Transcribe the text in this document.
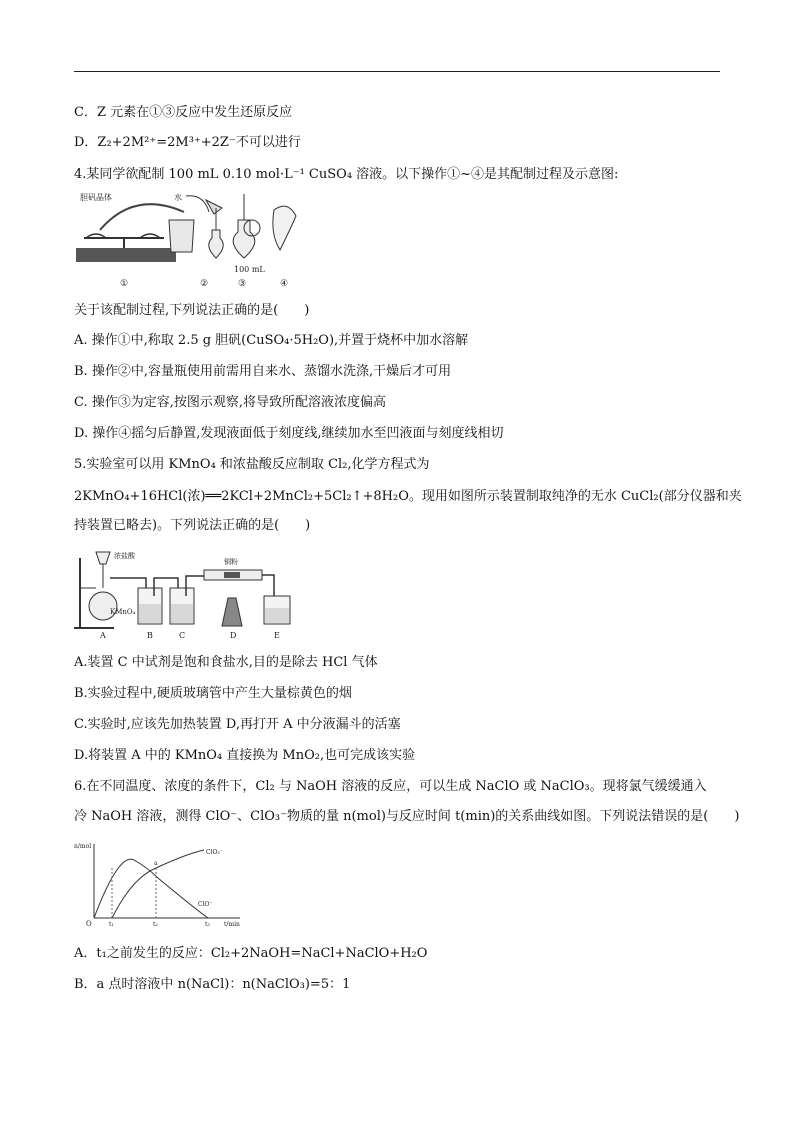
C．Z 元素在①③反应中发生还原反应
D．Z₂+2M²⁺=2M³⁺+2Z⁻不可以进行
4.某同学欲配制 100 mL 0.10 mol·L⁻¹ CuSO₄ 溶液。以下操作①~④是其配制过程及示意图:
胆矾晶体	水
100 mL
①	②	③	④
关于该配制过程,下列说法正确的是(　　)
A. 操作①中,称取 2.5 g 胆矾(CuSO₄·5H₂O),并置于烧杯中加水溶解
B. 操作②中,容量瓶使用前需用自来水、蒸馏水洗涤,干燥后才可用
C. 操作③为定容,按图示观察,将导致所配溶液浓度偏高
D. 操作④摇匀后静置,发现液面低于刻度线,继续加水至凹液面与刻度线相切
5.实验室可以用 KMnO₄ 和浓盐酸反应制取 Cl₂,化学方程式为
2KMnO₄+16HCl(浓)══2KCl+2MnCl₂+5Cl₂↑+8H₂O。现用如图所示装置制取纯净的无水 CuCl₂(部分仪器和夹
持装置已略去)。下列说法正确的是(　　)
浓盐酸
KMnO₄
铜粉
A	B	C	D	E
A.装置 C 中试剂是饱和食盐水,目的是除去 HCl 气体
B.实验过程中,硬质玻璃管中产生大量棕黄色的烟
C.实验时,应该先加热装置 D,再打开 A 中分液漏斗的活塞
D.将装置 A 中的 KMnO₄ 直接换为 MnO₂,也可完成该实验
6.在不同温度、浓度的条件下，Cl₂ 与 NaOH 溶液的反应，可以生成 NaClO 或 NaClO₃。现将氯气缓缓通入
冷 NaOH 溶液，测得 ClO⁻、ClO₃⁻物质的量 n(mol)与反应时间 t(min)的关系曲线如图。下列说法错误的是(　　)
n/mol
t/min
O
a
ClO₃⁻
ClO⁻
t₁	t₂	t₃
A．t₁之前发生的反应：Cl₂+2NaOH=NaCl+NaClO+H₂O
B．a 点时溶液中 n(NaCl)：n(NaClO₃)=5：1
